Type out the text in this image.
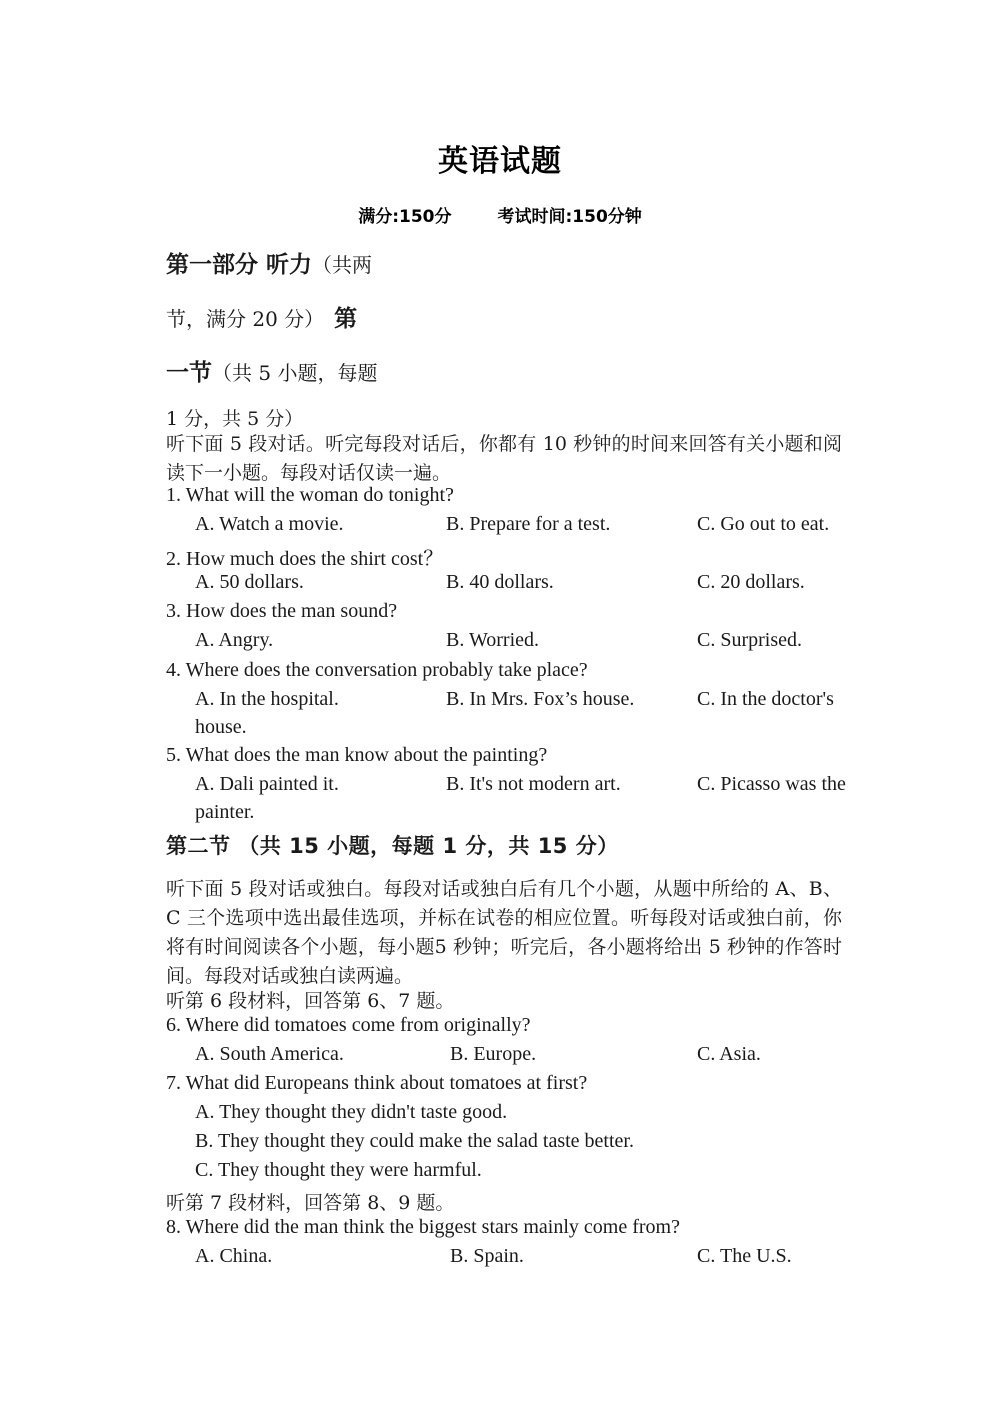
英语试题
满分:150分	考试时间:150分钟
第一部分 听力（共两
节，满分 20 分） 第
一节（共 5 小题，每题
1 分，共 5 分）
听下面 5 段对话。听完每段对话后，你都有 10 秒钟的时间来回答有关小题和阅读下一小题。每段对话仅读一遍。
1. What will the woman do tonight?
A. Watch a movie.	B. Prepare for a test.	C. Go out to eat.
2. How much does the shirt cost？
A. 50 dollars.	B. 40 dollars.	C. 20 dollars.
3. How does the man sound?
A. Angry.	B. Worried.	C. Surprised.
4. Where does the conversation probably take place?
A. In the hospital.	B. In Mrs. Fox’s house.	C. In the doctor's
house.
5. What does the man know about the painting?
A. Dali painted it.	B. It's not modern art.	C. Picasso was the
painter.
第二节 （共 15 小题，每题 1 分，共 15 分）
听下面 5 段对话或独白。每段对话或独白后有几个小题，从题中所给的 A、B、C 三个选项中选出最佳选项，并标在试卷的相应位置。听每段对话或独白前，你将有时间阅读各个小题，每小题5 秒钟；听完后，各小题将给出 5 秒钟的作答时间。每段对话或独白读两遍。
听第 6 段材料，回答第 6、7 题。
6. Where did tomatoes come from originally?
A. South America.	B. Europe.	C. Asia.
7. What did Europeans think about tomatoes at first?
A. They thought they didn't taste good.
B. They thought they could make the salad taste better.
C. They thought they were harmful.
听第 7 段材料，回答第 8、9 题。
8. Where did the man think the biggest stars mainly come from?
A. China.	B. Spain.	C. The U.S.
